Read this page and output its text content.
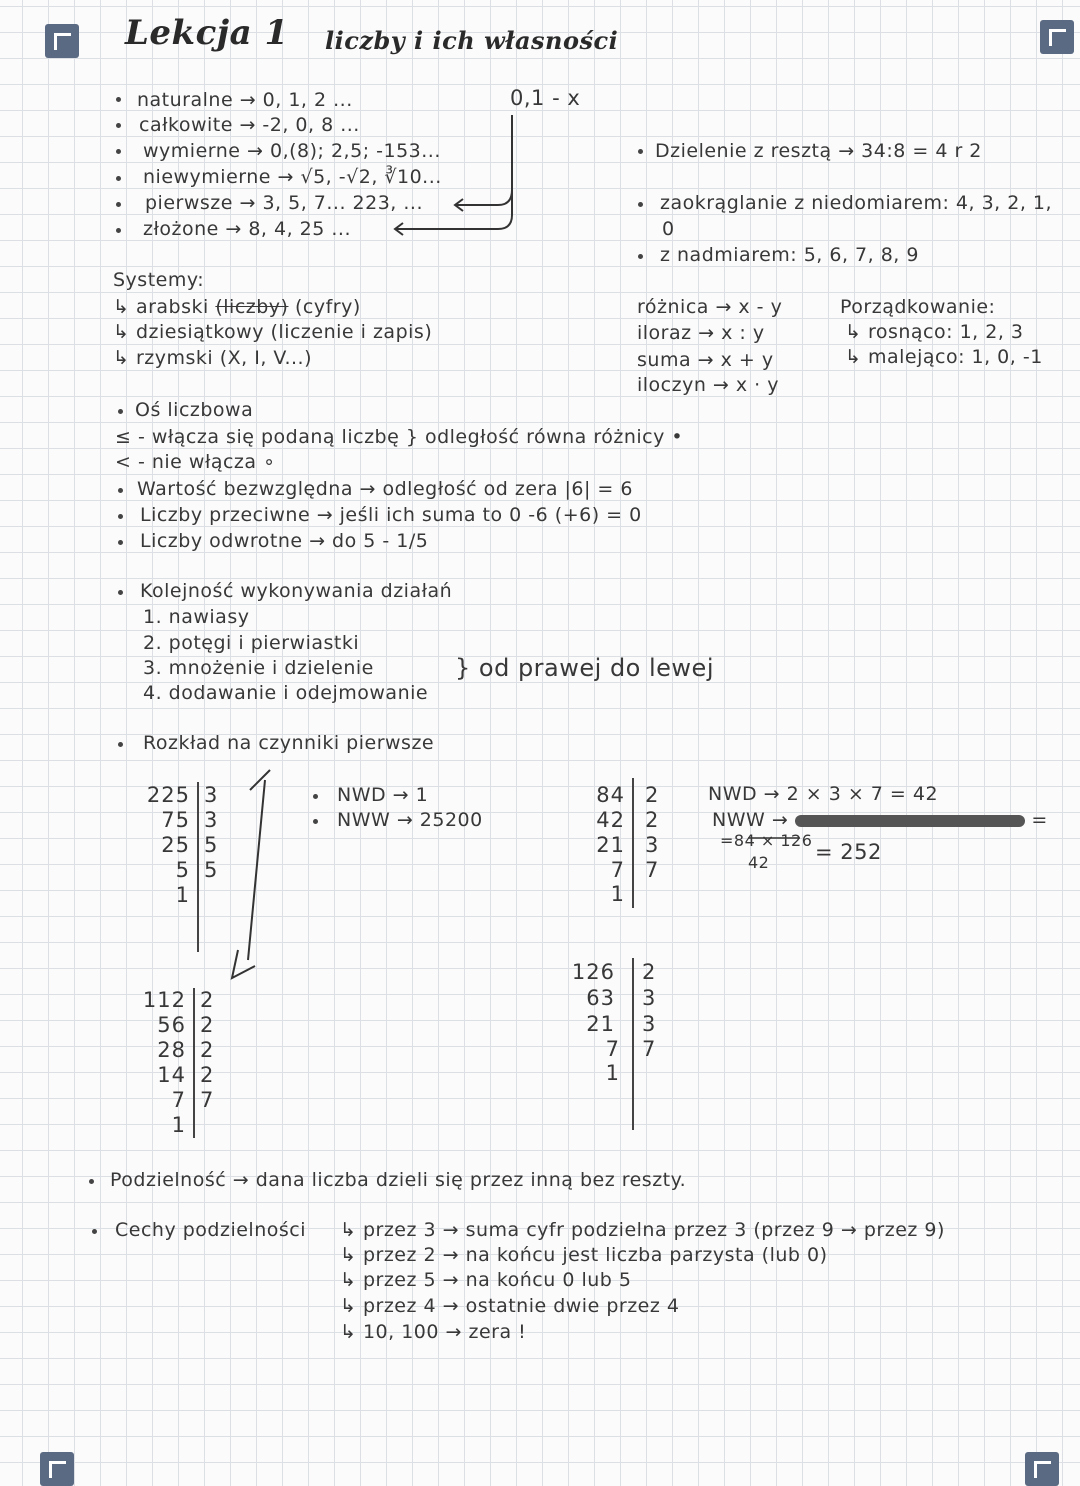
Lekcja 1 liczby i ich własności
naturalne → 0, 1, 2 ...
całkowite → -2, 0, 8 ...
wymierne → 0,(8); 2,5; -153...
niewymierne → √5, -√2, ∛10...
pierwsze → 3, 5, 7... 223, ...
złożone → 8, 4, 25 ...
0,1 - x
Dzielenie z resztą → 34:8 = 4 r 2
zaokrąglanie z niedomiarem: 4, 3, 2, 1,
0
z nadmiarem: 5, 6, 7, 8, 9
Systemy:
↳ arabski (liczby) (cyfry)
↳ dziesiątkowy (liczenie i zapis)
↳ rzymski (X, I, V...)
różnica → x - y
iloraz → x : y
suma → x + y
iloczyn → x · y
Porządkowanie:
↳ rosnąco: 1, 2, 3
↳ malejąco: 1, 0, -1
Oś liczbowa
≤ - włącza się podaną liczbę } odległość równa różnicy •
< - nie włącza ∘
Wartość bezwzględna → odległość od zera |6| = 6
Liczby przeciwne → jeśli ich suma to 0 -6 (+6) = 0
Liczby odwrotne → do 5 - 1/5
Kolejność wykonywania działań
1. nawiasy
2. potęgi i pierwiastki
3. mnożenie i dzielenie
4. dodawanie i odejmowanie
} od prawej do lewej
Rozkład na czynniki pierwsze
225
75
25
5
1
3
3
5
5
NWD → 1
NWW → 25200
112
56
28
14
7
1
2
2
2
2
7
84
42
21
7
1
2
2
3
7
NWD → 2 × 3 × 7 = 42
NWW →	=
=84 × 126
42 = 252
126
63
21
7
1
2
3
3
7
Podzielność → dana liczba dzieli się przez inną bez reszty.
Cechy podzielności ↳ przez 3 → suma cyfr podzielna przez 3 (przez 9 → przez 9)
↳ przez 2 → na końcu jest liczba parzysta (lub 0)
↳ przez 5 → na końcu 0 lub 5
↳ przez 4 → ostatnie dwie przez 4
↳ 10, 100 → zera !
